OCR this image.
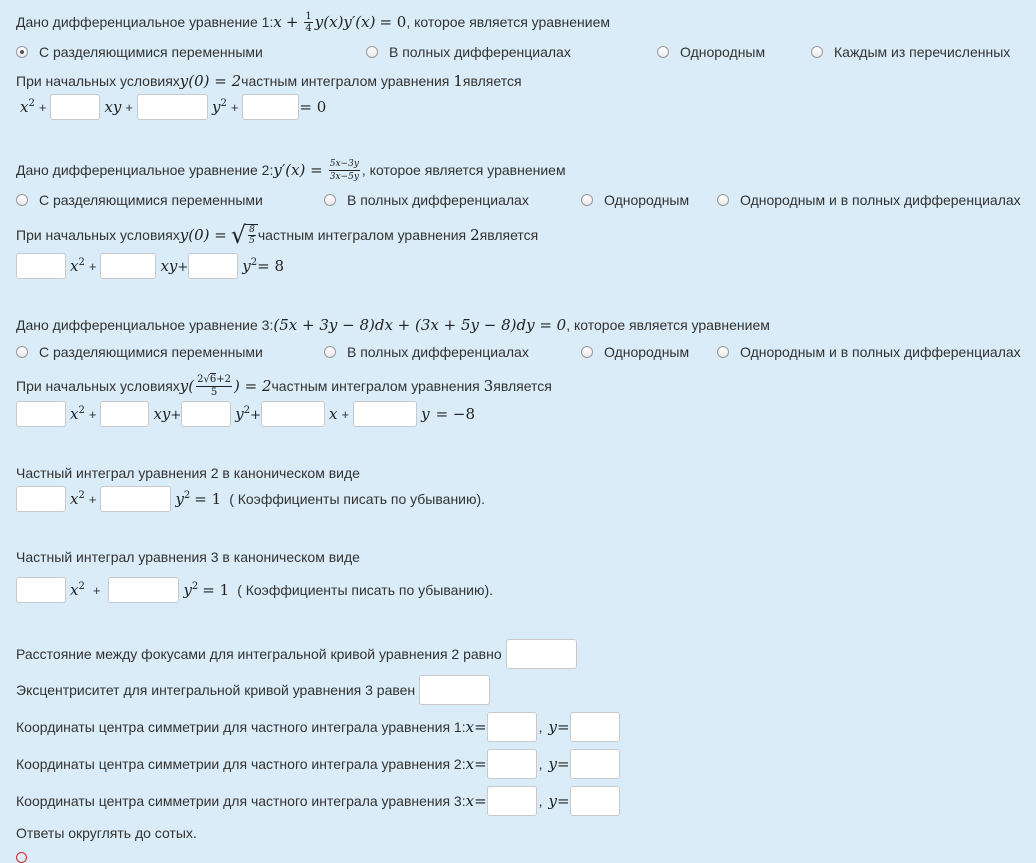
Дано дифференциальное уравнение 1: $x + \frac{1}{4} y(x)y'(x) = 0$ , которое является уравнением
С разделяющимися переменными	В полных дифференциалах	Однородным	Каждым из перечисленных
При начальных условиях y(0) = 2 частным интегралом уравнения 1 является
$x^2$ +	xy +	$y^2$ +	= 0
Дано дифференциальное уравнение 2: $y'(x) = \frac{5x-3y}{3x-5y}$ , которое является уравнением
С разделяющимися переменными	В полных дифференциалах	Однородным	Однородным и в полных дифференциалах
При начальных условиях y(0) = √ $\frac{8}{5}$ частным интегралом уравнения 2 является
$x^2$ +	xy+	$y^2 = 8$
Дано дифференциальное уравнение 3: (5x + 3y − 8)dx + (3x + 5y − 8)dy = 0 , которое является уравнением
С разделяющимися переменными	В полных дифференциалах	Однородным	Однородным и в полных дифференциалах
При начальных условиях $y( \frac{2√6+2}{5}$ ) = 2 частным интегралом уравнения 3 является
$x^2$ +	xy+	$y^2+$	x +	y = −8
Частный интеграл уравнения 2 в каноническом виде
$x^2$ +	$y^2 = 1$ ( Коэффициенты писать по убыванию).
Частный интеграл уравнения 3 в каноническом виде
$x^2$ +	$y^2 = 1$ ( Коэффициенты писать по убыванию).
Расстояние между фокусами для интегральной кривой уравнения 2 равно
Эксцентриситет для интегральной кривой уравнения 3 равен
Координаты центра симметрии для частного интеграла уравнения 1: x=	, y=
Координаты центра симметрии для частного интеграла уравнения 2: x=	, y=
Координаты центра симметрии для частного интеграла уравнения 3: x=	, y=
Ответы округлять до сотых.
